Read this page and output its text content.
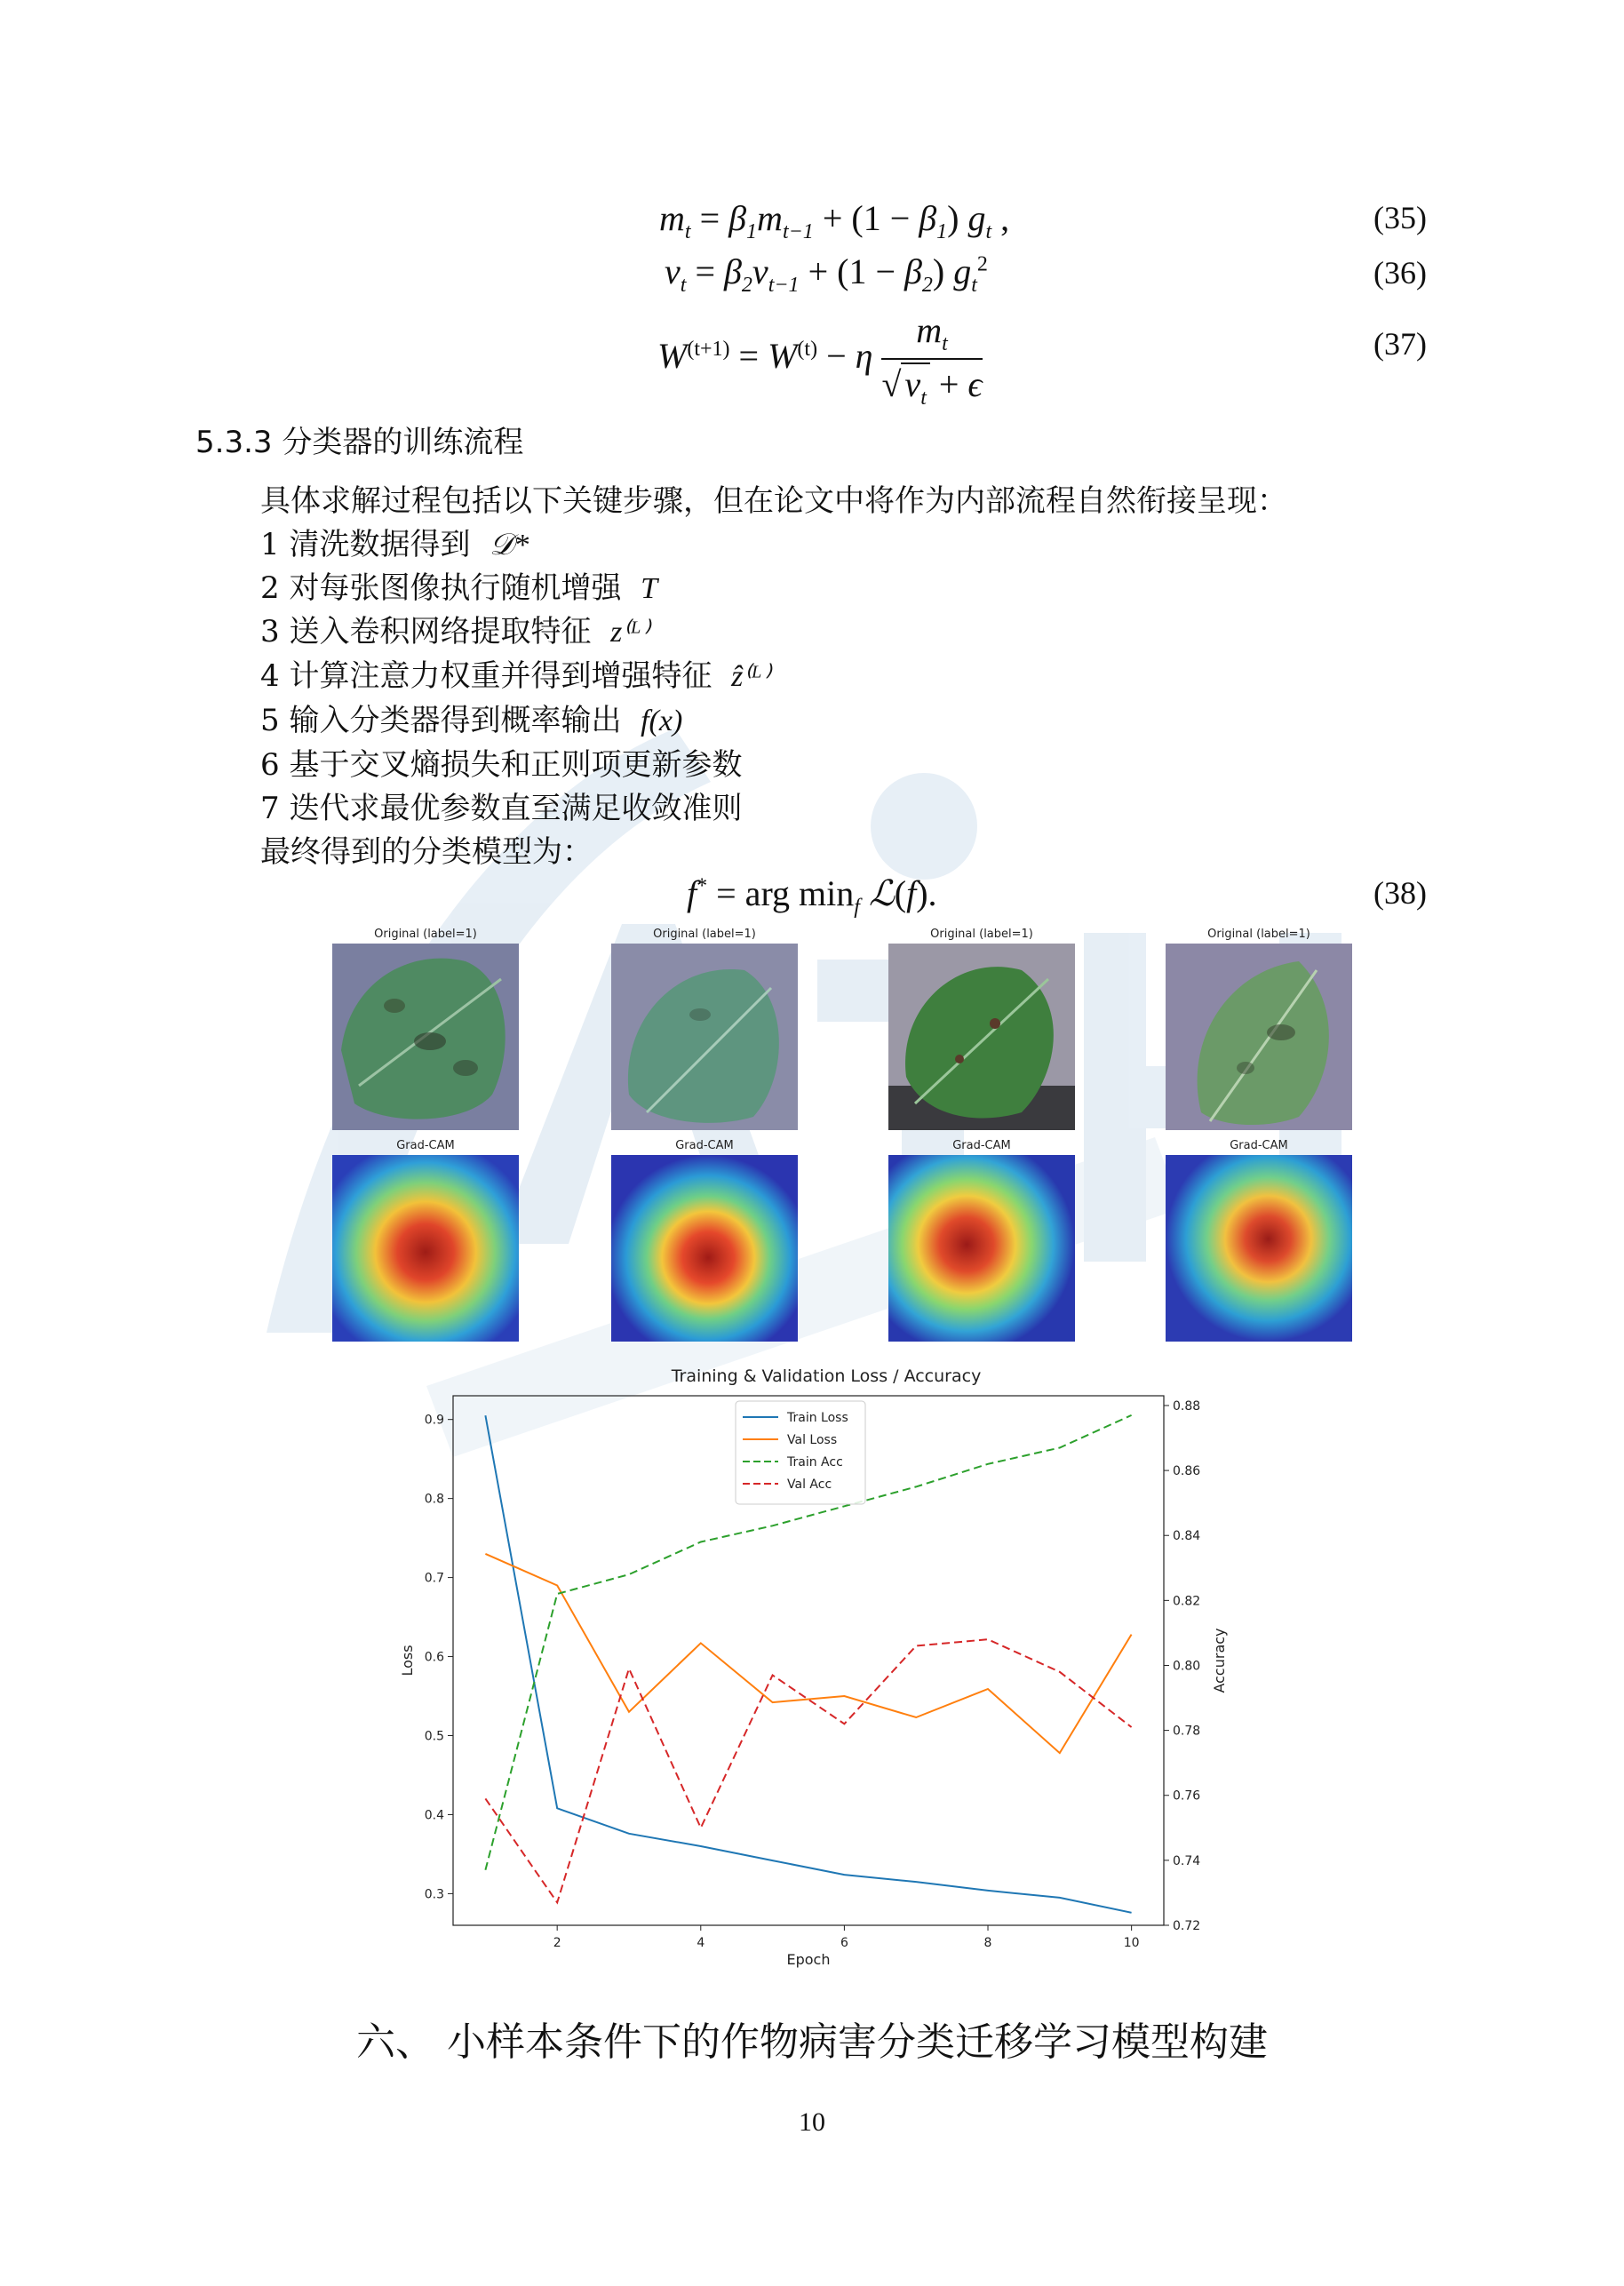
$m_t = \beta_1m_{t-1} + (1 - \beta_1)$ $g_t$ ,	(35)
$v_t = \beta_2v_{t-1} + (1 - \beta_2)$ $g_t^2$	(36)
$W^{(t+1)} = W^{(t)} - \eta \frac{m_t}{√ v_t + \epsilon}$	(37)
5.3.3 分类器的训练流程
具体求解过程包括以下关键步骤，但在论文中将作为内部流程自然衔接呈现：
1 清洗数据得到 𝒟*
2 对每张图像执行随机增强 T
3 送入卷积网络提取特征 z⁽ᴸ⁾
4 计算注意力权重并得到增强特征 ẑ⁽ᴸ⁾
5 输入分类器得到概率输出 f(x)
6 基于交叉熵损失和正则项更新参数
7 迭代求最优参数直至满足收敛准则
最终得到的分类模型为：
f* = arg $\min_f$ ℒ(f).	(38)
Original (label=1)	Original (label=1)	Original (label=1)	Original (label=1)
Grad-CAM	Grad-CAM	Grad-CAM	Grad-CAM
Training & Validation Loss / Accuracy
0.3
0.4
0.5
0.6
0.7
0.8
0.9
0.72
0.74
0.76
0.78
0.80
0.82
0.84
0.86
0.88
2	4	6	8	10
Epoch
Loss	Accuracy
Train Loss
Val Loss
Train Acc
Val Acc
六、 小样本条件下的作物病害分类迁移学习模型构建
10
